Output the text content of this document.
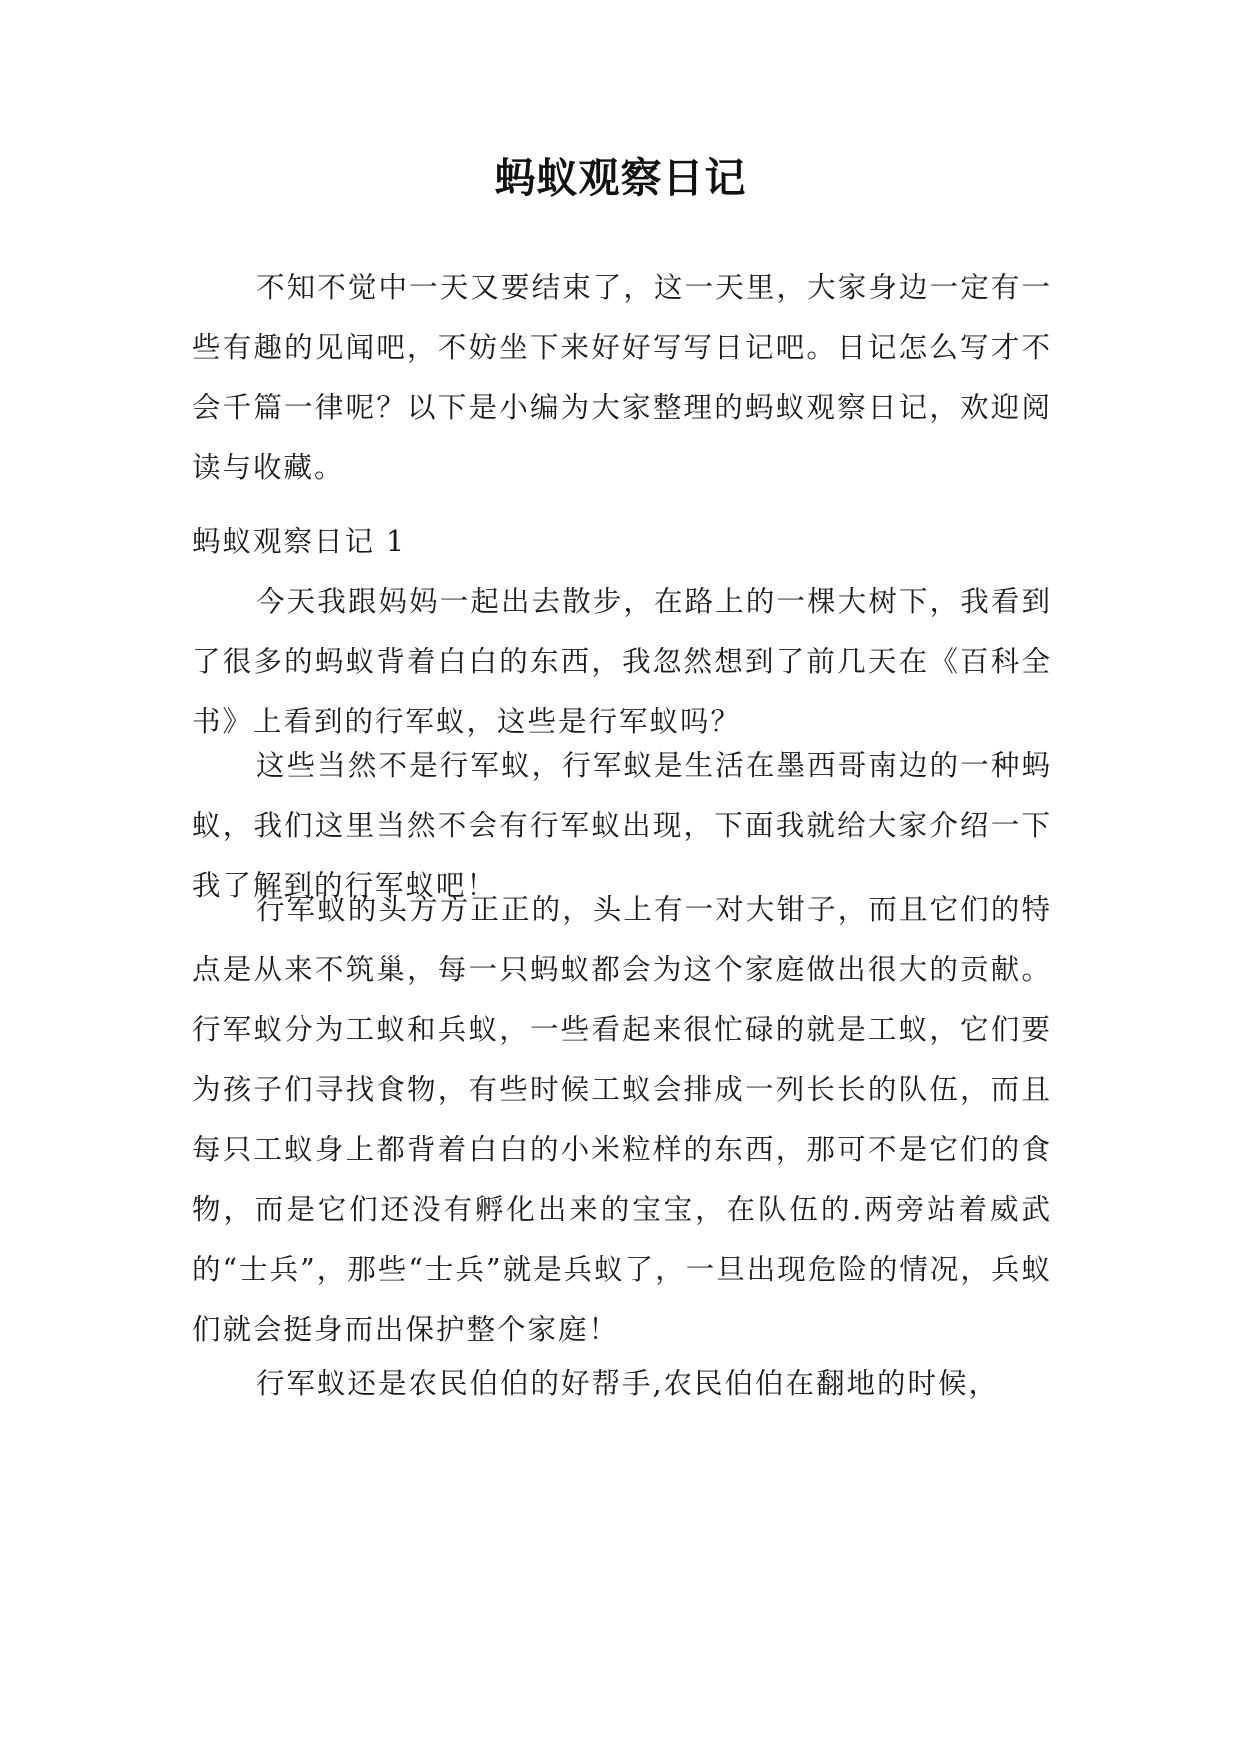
蚂蚁观察日记

不知不觉中一天又要结束了，这一天里，大家身边一定有一些有趣的见闻吧，不妨坐下来好好写写日记吧。日记怎么写才不会千篇一律呢？以下是小编为大家整理的蚂蚁观察日记，欢迎阅读与收藏。

蚂蚁观察日记 1

今天我跟妈妈一起出去散步，在路上的一棵大树下，我看到了很多的蚂蚁背着白白的东西，我忽然想到了前几天在《百科全书》上看到的行军蚁，这些是行军蚁吗？

这些当然不是行军蚁，行军蚁是生活在墨西哥南边的一种蚂蚁，我们这里当然不会有行军蚁出现，下面我就给大家介绍一下我了解到的行军蚁吧！

行军蚁的头方方正正的，头上有一对大钳子，而且它们的特点是从来不筑巢，每一只蚂蚁都会为这个家庭做出很大的贡献。行军蚁分为工蚁和兵蚁，一些看起来很忙碌的就是工蚁，它们要为孩子们寻找食物，有些时候工蚁会排成一列长长的队伍，而且每只工蚁身上都背着白白的小米粒样的东西，那可不是它们的食物，而是它们还没有孵化出来的宝宝，在队伍的.两旁站着威武的“士兵”，那些“士兵”就是兵蚁了，一旦出现危险的情况，兵蚁们就会挺身而出保护整个家庭！

行军蚁还是农民伯伯的好帮手,农民伯伯在翻地的时候，
